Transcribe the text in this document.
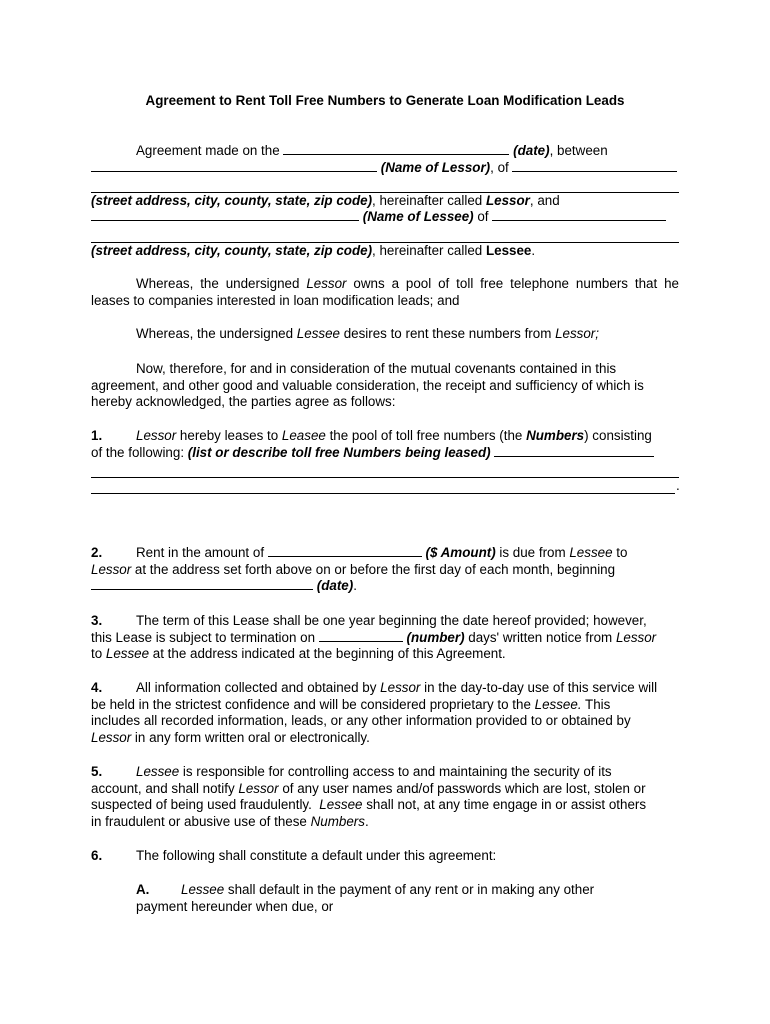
Agreement to Rent Toll Free Numbers to Generate Loan Modification Leads
Agreement made on the	(date), between
(Name of Lessor), of
(street address, city, county, state, zip code), hereinafter called Lessor, and
(Name of Lessee) of
(street address, city, county, state, zip code), hereinafter called Lessee.
Whereas, the undersigned Lessor owns a pool of toll free telephone numbers that he leases to companies interested in loan modification leads; and
Whereas, the undersigned Lessee desires to rent these numbers from Lessor;
Now, therefore, for and in consideration of the mutual covenants contained in this agreement, and other good and valuable consideration, the receipt and sufficiency of which is hereby acknowledged, the parties agree as follows:
1.	Lessor hereby leases to Leasee the pool of toll free numbers (the Numbers) consisting
of the following: (list or describe toll free Numbers being leased)
.
2.	Rent in the amount of	($ Amount) is due from Lessee to
Lessor at the address set forth above on or before the first day of each month, beginning
(date).
3.	The term of this Lease shall be one year beginning the date hereof provided; however,
this Lease is subject to termination on	(number) days' written notice from Lessor
to Lessee at the address indicated at the beginning of this Agreement.
4.	All information collected and obtained by Lessor in the day-to-day use of this service will
be held in the strictest confidence and will be considered proprietary to the Lessee. This
includes all recorded information, leads, or any other information provided to or obtained by
Lessor in any form written oral or electronically.
5.	Lessee is responsible for controlling access to and maintaining the security of its
account, and shall notify Lessor of any user names and/of passwords which are lost, stolen or
suspected of being used fraudulently.  Lessee shall not, at any time engage in or assist others
in fraudulent or abusive use of these Numbers.
6.	The following shall constitute a default under this agreement:
A. Lessee shall default in the payment of any rent or in making any other
payment hereunder when due, or
